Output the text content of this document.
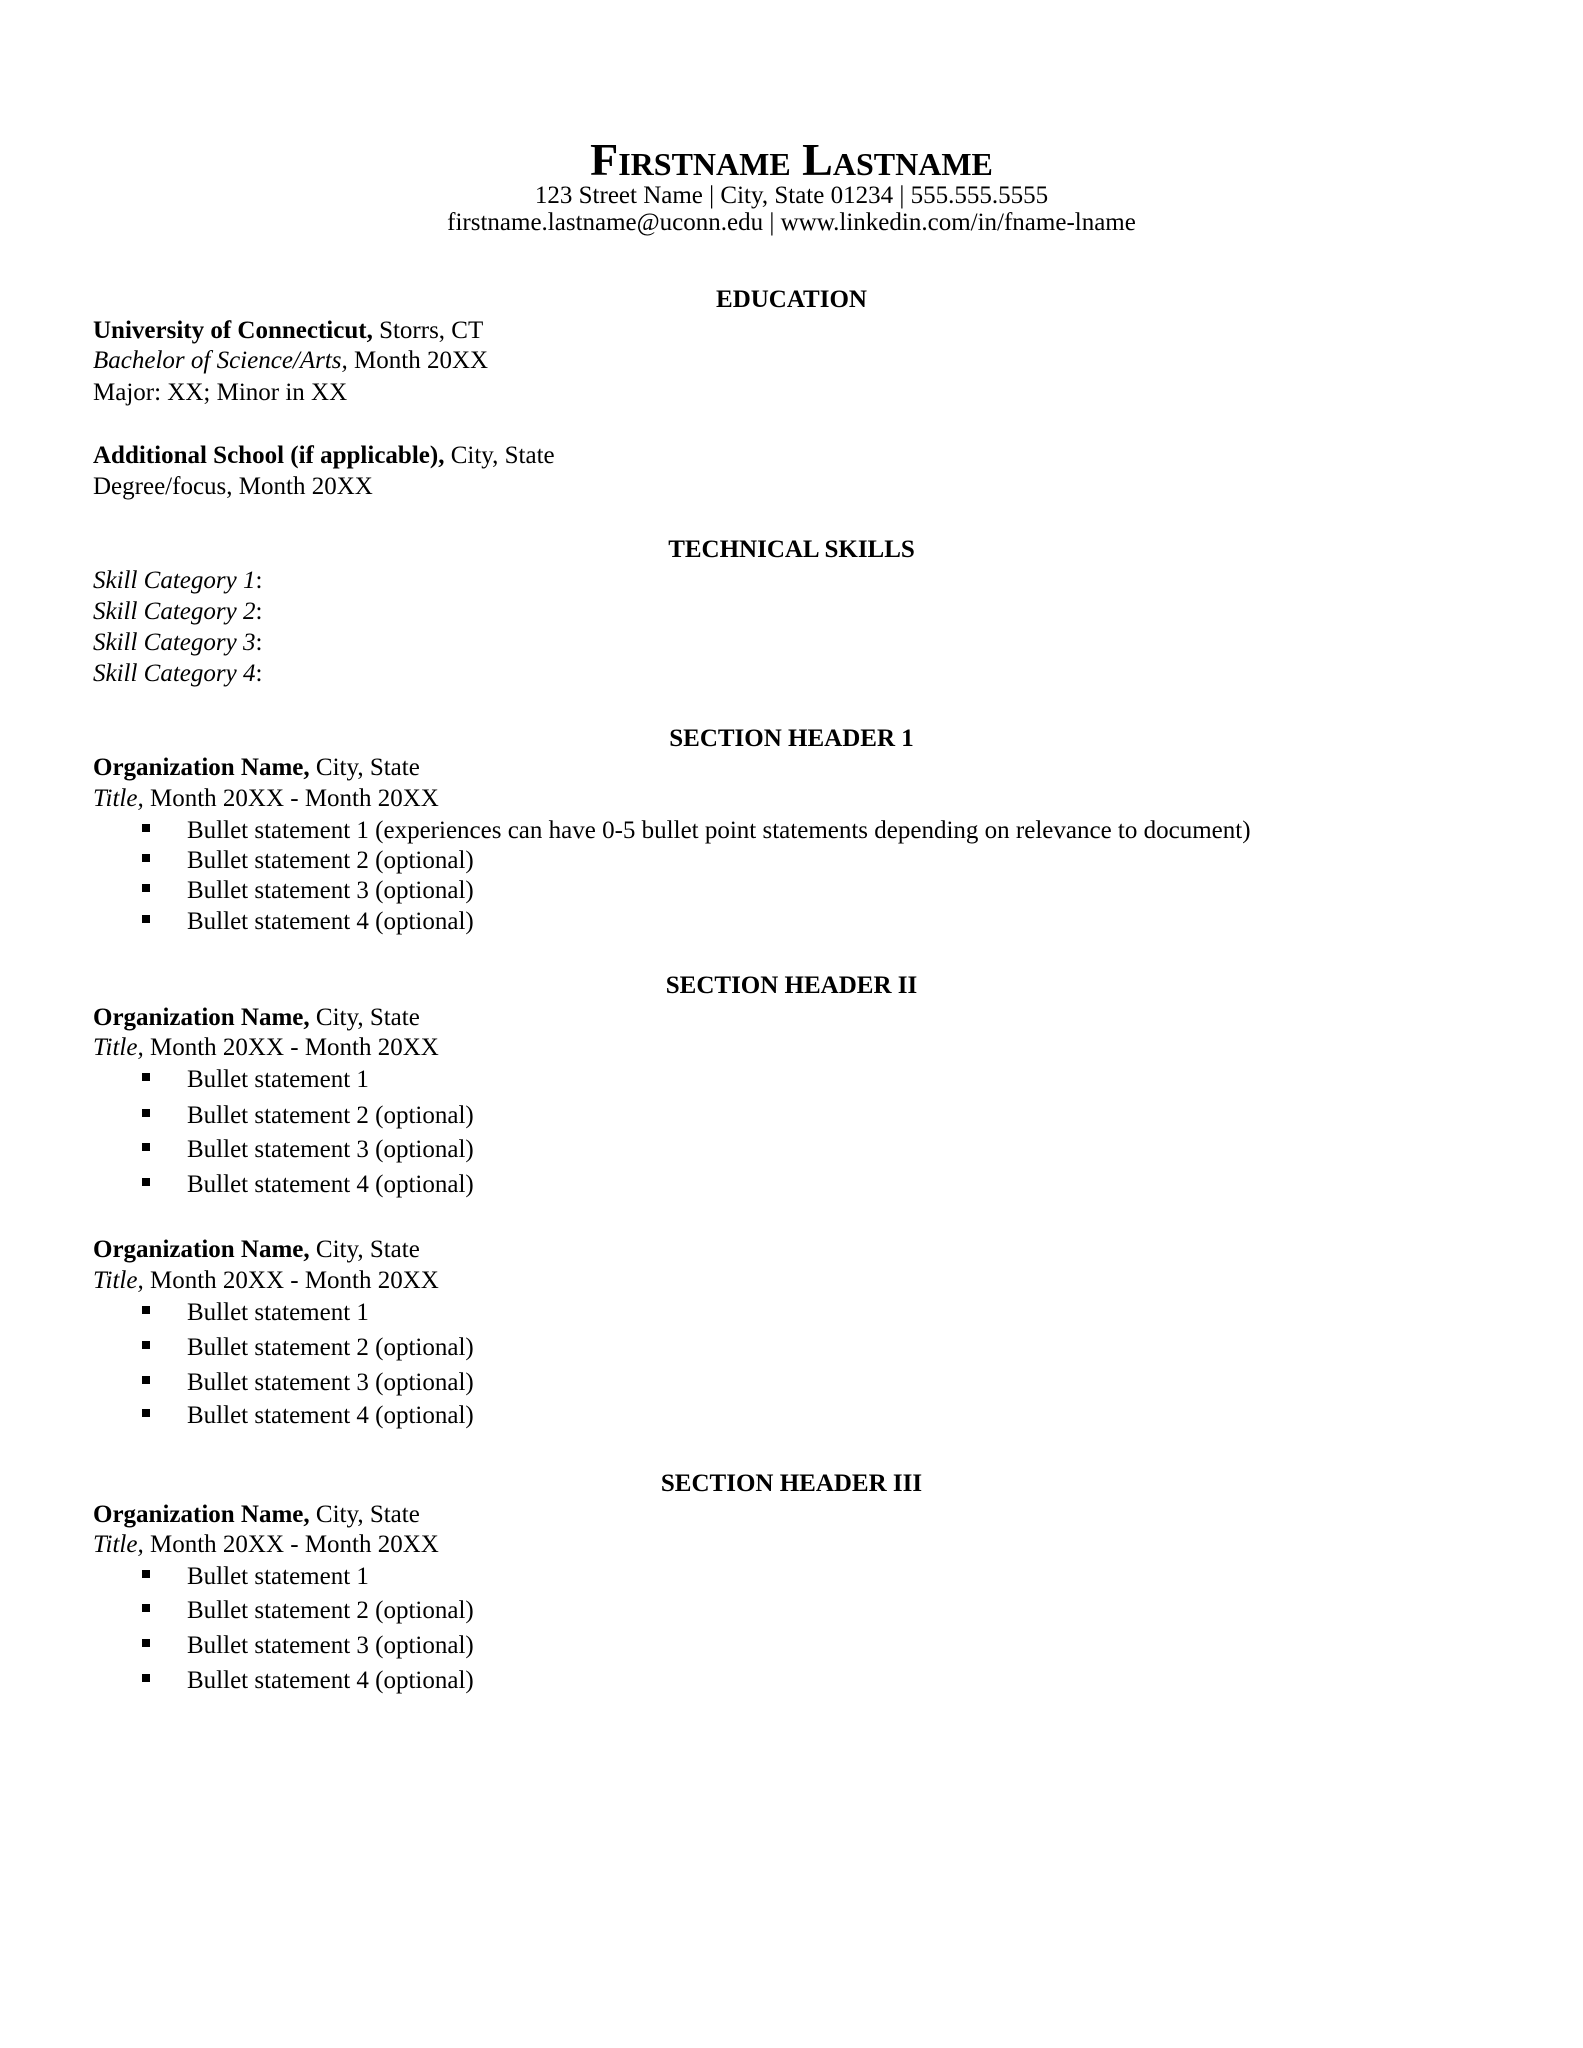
Firstname Lastname
123 Street Name | City, State 01234 | 555.555.5555
firstname.lastname@uconn.edu | www.linkedin.com/in/fname-lname
EDUCATION
University of Connecticut, Storrs, CT
Bachelor of Science/Arts, Month 20XX
Major: XX; Minor in XX
Additional School (if applicable), City, State
Degree/focus, Month 20XX
TECHNICAL SKILLS
Skill Category 1:
Skill Category 2:
Skill Category 3:
Skill Category 4:
SECTION HEADER 1
Organization Name, City, State
Title, Month 20XX - Month 20XX
Bullet statement 1 (experiences can have 0-5 bullet point statements depending on relevance to document)
Bullet statement 2 (optional)
Bullet statement 3 (optional)
Bullet statement 4 (optional)
SECTION HEADER II
Organization Name, City, State
Title, Month 20XX - Month 20XX
Bullet statement 1
Bullet statement 2 (optional)
Bullet statement 3 (optional)
Bullet statement 4 (optional)
Organization Name, City, State
Title, Month 20XX - Month 20XX
Bullet statement 1
Bullet statement 2 (optional)
Bullet statement 3 (optional)
Bullet statement 4 (optional)
SECTION HEADER III
Organization Name, City, State
Title, Month 20XX - Month 20XX
Bullet statement 1
Bullet statement 2 (optional)
Bullet statement 3 (optional)
Bullet statement 4 (optional)
